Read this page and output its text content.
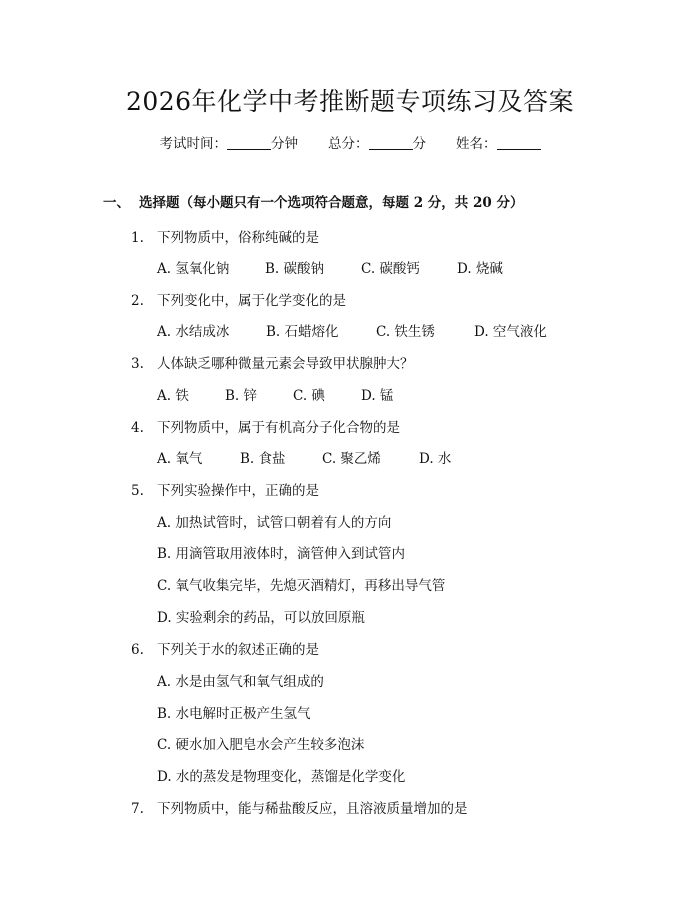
2026年化学中考推断题专项练习及答案
考试时间：	分钟 总分：	分 姓名：
一、 选择题（每小题只有一个选项符合题意，每题 2 分，共 20 分）
1. 下列物质中，俗称纯碱的是
A. 氢氧化钠	B. 碳酸钠	C. 碳酸钙	D. 烧碱
2. 下列变化中，属于化学变化的是
A. 水结成冰	B. 石蜡熔化	C. 铁生锈	D. 空气液化
3. 人体缺乏哪种微量元素会导致甲状腺肿大？
A. 铁	B. 锌	C. 碘	D. 锰
4. 下列物质中，属于有机高分子化合物的是
A. 氧气	B. 食盐	C. 聚乙烯	D. 水
5. 下列实验操作中，正确的是
A. 加热试管时，试管口朝着有人的方向
B. 用滴管取用液体时，滴管伸入到试管内
C. 氧气收集完毕，先熄灭酒精灯，再移出导气管
D. 实验剩余的药品，可以放回原瓶
6. 下列关于水的叙述正确的是
A. 水是由氢气和氧气组成的
B. 水电解时正极产生氢气
C. 硬水加入肥皂水会产生较多泡沫
D. 水的蒸发是物理变化，蒸馏是化学变化
7. 下列物质中，能与稀盐酸反应，且溶液质量增加的是
